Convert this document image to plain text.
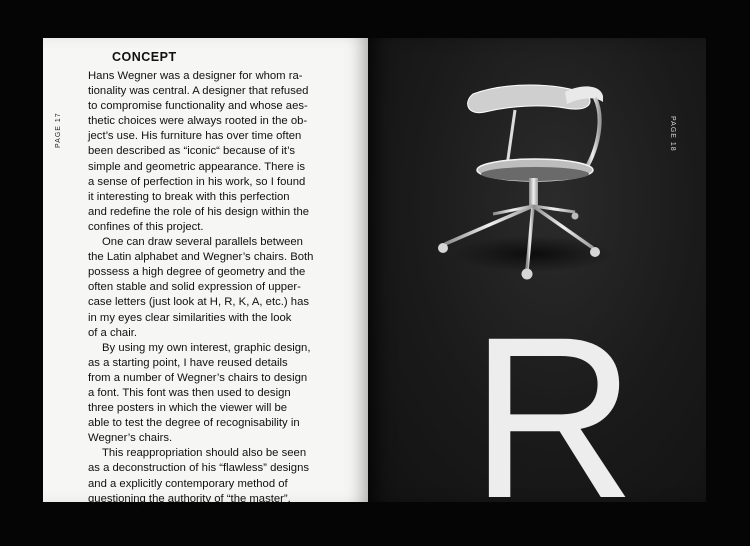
PAGE 17	PAGE 18
CONCEPT

Hans Wegner was a designer for whom ra-

tionality was central. A designer that refused

to compromise functionality and whose aes-

thetic choices were always rooted in the ob-

ject’s use. His furniture has over time often

been described as “iconic“ because of it’s

simple and geometric appearance. There is

a sense of perfection in his work, so I found

it interesting to break with this perfection

and redefine the role of his design within the

confines of this project.

One can draw several parallels between

the Latin alphabet and Wegner’s chairs. Both

possess a high degree of geometry and the

often stable and solid expression of upper-

case letters (just look at H, R, K, A, etc.) has

in my eyes clear similarities with the look

of a chair.

By using my own interest, graphic design,

as a starting point, I have reused details

from a number of Wegner’s chairs to design

a font. This font was then used to design

three posters in which the viewer will be

able to test the degree of recognisability in

Wegner’s chairs.

This reappropriation should also be seen

as a deconstruction of his “flawless” designs

and a explicitly contemporary method of

questioning the authority of “the master”. R
